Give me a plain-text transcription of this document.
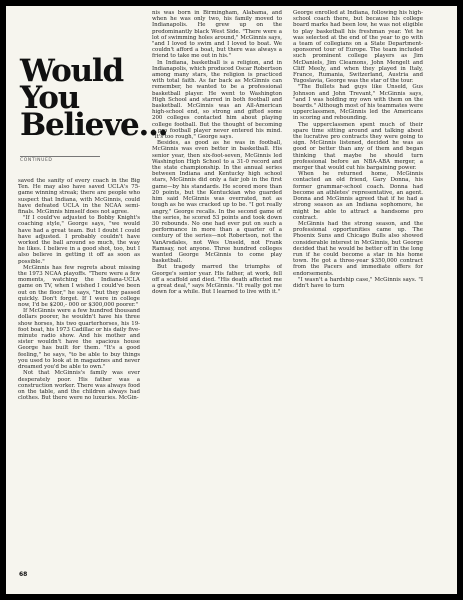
Would
You
Believe...
CONTINUED

saved the sanity of every coach in the Big Ten. He may also have saved UCLA's 75-game winning streak; there are people who suspect that Indiana, with McGinnis, could have defeated UCLA in the NCAA semi-finals. McGinnis himself does not agree.

"If I could've adjusted to Bobby Knight's coaching style," George says, "we would have had a great team. But I doubt I could have adjusted. I probably couldn't have worked the ball around so much, the way he likes. I believe in a good shot, too, but I also believe in getting it off as soon as possible."

McGinnis has few regrets about missing the 1973 NCAA playoffs. "There were a few moments, watching the Indiana-UCLA game on TV, when I wished I could've been out on the floor," he says, "but they passed quickly. Don't forget. If I were in college now, I'd be $200,- 000 or $300,000 poorer."

If McGinnis were a few hundred thousand dollars poorer, he wouldn't have his three show horses, his two quarterhorses, his 19-foot boat, his 1973 Cadillac or his daily five-minute radio show. And his mother and sister wouldn't have the spacious house George has built for them. "It's a good feeling," he says, "to be able to buy things you used to look at in magazines and never dreamed you'd be able to own."

Not that McGinnis's family was ever desperately poor. His father was a construction worker. There was always food on the table, and the children always had clothes. But there were no luxuries. McGin-

nis was born in Birmingham, Alabama, and when he was only two, his family moved to Indianapolis. He grew up on the predominantly black West Side. "There were a lot of swimming holes around," McGinnis says, "and I loved to swim and I loved to boat. We couldn't afford a boat, but there was always a friend to take me out in his."

In Indiana, basketball is a religion, and in Indianapolis, which produced Oscar Robertson among many stars, the religion is practiced with total faith. As far back as McGinnis can remember, he wanted to be a professional basketball player. He went to Washington High School and starred in both football and basketball. McGinnis was an All-American high-school end, so strong and gifted some 200 colleges contacted him about playing college football. But the thought of becoming a pro football player never entered his mind. "It's too rough," George says.

Besides, as good as he was in football, McGinnis was even better in basketball. His senior year, then six-foot-seven, McGinnis led Washington High School to a 31-0 record and the state championship. In the annual series between Indiana and Kentucky high school stars, McGinnis did only a fair job in the first game—by his standards. He scored more than 20 points, but the Kentuckian who guarded him said McGinnis was overrated, not as tough as he was cracked up to be. "I got really angry," George recalls. In the second game of the series, he scored 53 points and took down 30 rebounds. No one had ever put on such a performance in more than a quarter of a century of the series—not Robertson, not the VanArsdales, not Wes Unseld, not Frank Ramsay, not anyone. Three hundred colleges wanted George McGinnis to come play basketball.

But tragedy marred the triumphs of George's senior year. His father, at work, fell off a scaffold and died. "His death affected me a great deal," says McGinnis. "It really got me down for a while. But I learned to live with it."

George enrolled at Indiana, following his high-school coach there, but because his college board marks had been low, he was not eligible to play basketball his freshman year. Yet he was selected at the end of the year to go with a team of collegians on a State Department-sponsored tour of Europe. The team included such prominent college players as Jim McDaniels, Jim Cleamons, John Mengelt and Cliff Meely, and when they played in Italy, France, Rumania, Switzerland, Austria and Yugoslavia, George was the star of the tour.

"The Bullets had guys like Unseld, Gus Johnson and John Trevant," McGinnis says, "and I was holding my own with them on the boards." Although most of his teammates were upperclassmen, McGinnis led the Americans in scoring and rebounding.

The upperclassmen spent much of their spare time sitting around and talking about the lucrative pro contracts they were going to sign. McGinnis listened, decided he was as good or better than any of them and began thinking that maybe he should turn professional before an NBA-ABA merger, a merger that would cut his bargaining power.

When he returned home, McGinnis contacted an old friend, Gary Donna, his former grammar-school coach. Donna had become an athletes' representative, an agent. Donna and McGinnis agreed that if he had a strong season as an Indiana sophomore, he might be able to attract a handsome pro contract.

McGinnis had the strong season, and the professional opportunities came up. The Phoenix Suns and Chicago Bulls also showed considerable interest in McGinnis, but George decided that he would be better off in the long run if he could become a star in his home town. He got a three-year $350,000 contract from the Pacers and immediate offers for endorsements.

"I wasn't a hardship case," McGinnis says. "I didn't have to turn

68
